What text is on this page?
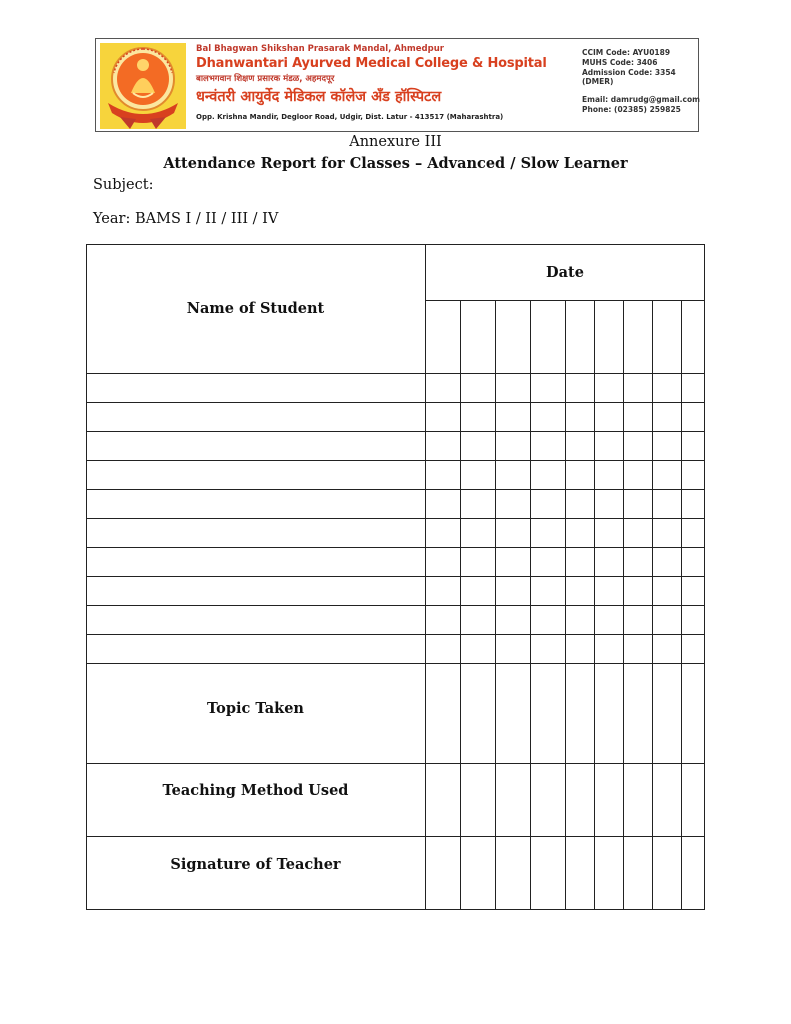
Bal Bhagwan Shikshan Prasarak Mandal, Ahmedpur
Dhanwantari Ayurved Medical College & Hospital
बालभगवान शिक्षण प्रसारक मंडळ, अहमदपूर
धन्वंतरी आयुर्वेद मेडिकल कॉलेज अँड हॉस्पिटल
Opp. Krishna Mandir, Degloor Road, Udgir, Dist. Latur - 413517 (Maharashtra)
CCIM Code: AYU0189
MUHS Code: 3406
Admission Code: 3354
(DMER)
Email: damrudg@gmail.com
Phone: (02385) 259825
Annexure III
Attendance Report for Classes – Advanced / Slow Learner
Subject:
Year: BAMS I / II / III / IV
Name of Student
Date
Topic Taken
Teaching Method Used
Signature of Teacher
